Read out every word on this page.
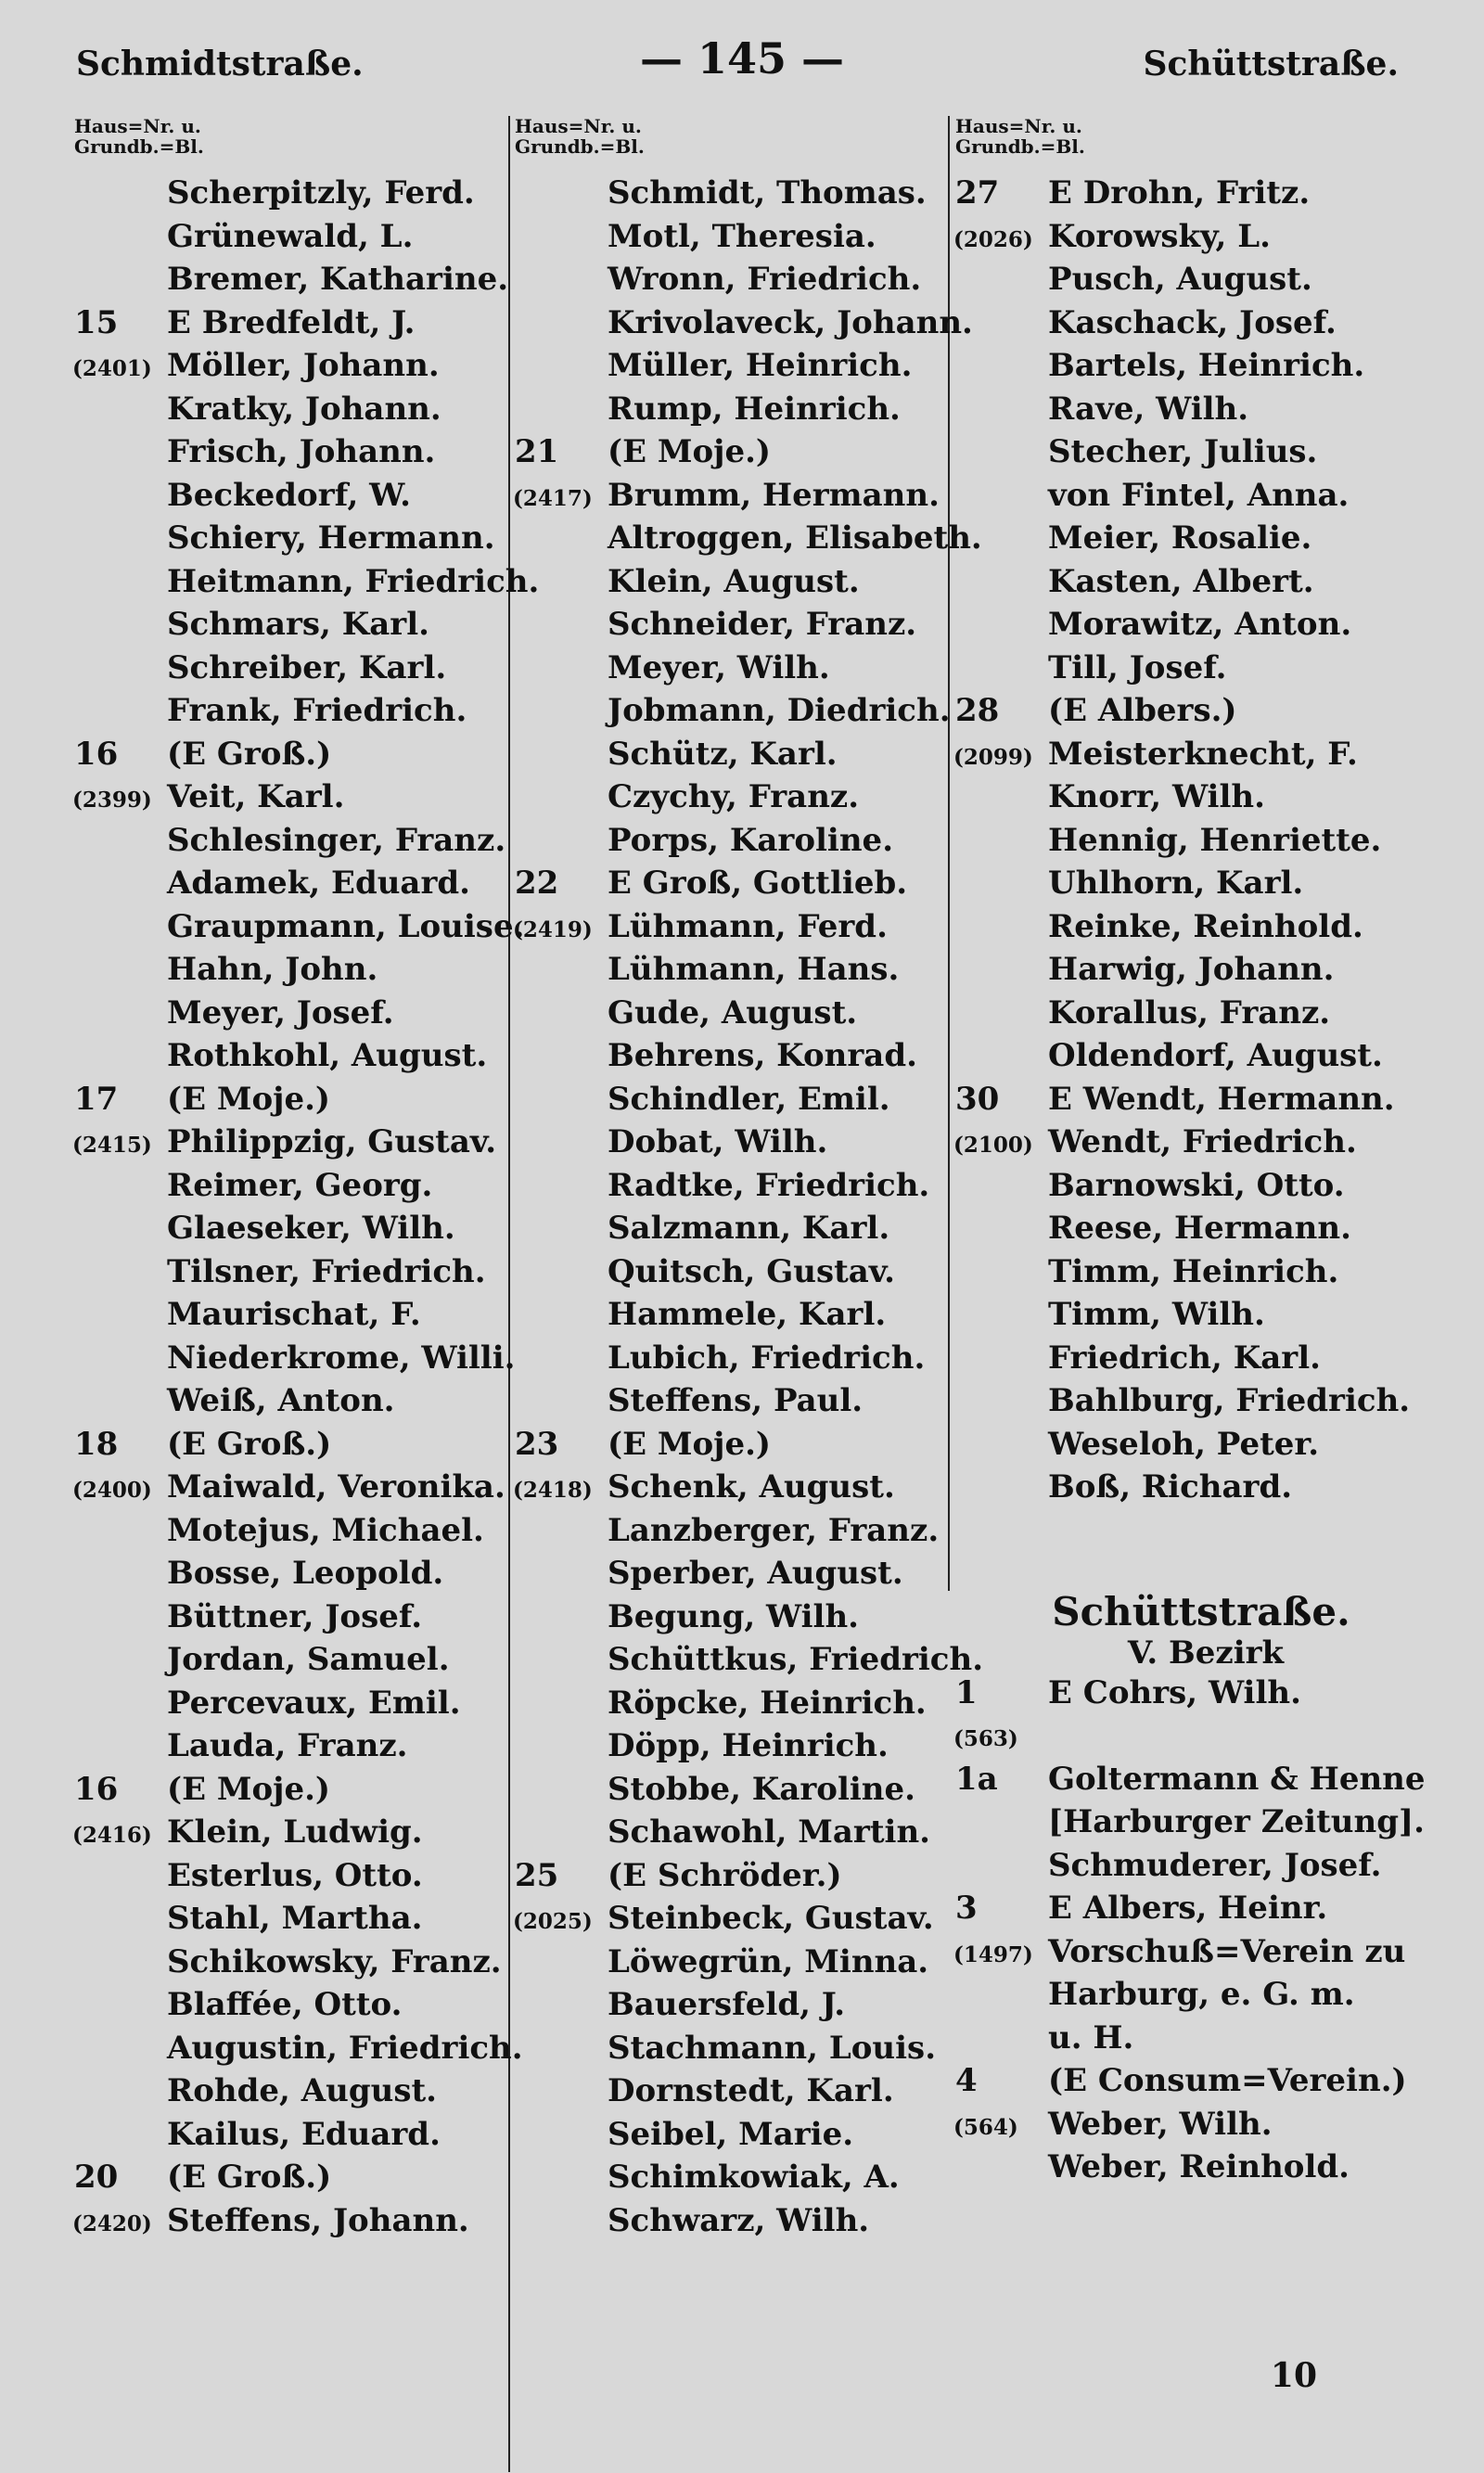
Schmidtstraße.	— 145 —	Schüttstraße.
Haus=Nr. u.
Grundb.=Bl.
Scherpitzly, Ferd.
Grünewald, L.
Bremer, Katharine.
15	E Bredfeldt, J.
(2401) Möller, Johann.
Kratky, Johann.
Frisch, Johann.
Beckedorf, W.
Schiery, Hermann.
Heitmann, Friedrich.
Schmars, Karl.
Schreiber, Karl.
Frank, Friedrich.
16	(E Groß.)
(2399) Veit, Karl.
Schlesinger, Franz.
Adamek, Eduard.
Graupmann, Louise.
Hahn, John.
Meyer, Josef.
Rothkohl, August.
17	(E Moje.)
(2415) Philippzig, Gustav.
Reimer, Georg.
Glaeseker, Wilh.
Tilsner, Friedrich.
Maurischat, F.
Niederkrome, Willi.
Weiß, Anton.
18	(E Groß.)
(2400) Maiwald, Veronika.
Motejus, Michael.
Bosse, Leopold.
Büttner, Josef.
Jordan, Samuel.
Percevaux, Emil.
Lauda, Franz.
16	(E Moje.)
(2416) Klein, Ludwig.
Esterlus, Otto.
Stahl, Martha.
Schikowsky, Franz.
Blaffée, Otto.
Augustin, Friedrich.
Rohde, August.
Kailus, Eduard.
20	(E Groß.)
(2420) Steffens, Johann.
Haus=Nr. u.
Grundb.=Bl.
Schmidt, Thomas.
Motl, Theresia.
Wronn, Friedrich.
Krivolaveck, Johann.
Müller, Heinrich.
Rump, Heinrich.
21	(E Moje.)
(2417) Brumm, Hermann.
Altroggen, Elisabeth.
Klein, August.
Schneider, Franz.
Meyer, Wilh.
Jobmann, Diedrich.
Schütz, Karl.
Czychy, Franz.
Porps, Karoline.
22	E Groß, Gottlieb.
(2419) Lühmann, Ferd.
Lühmann, Hans.
Gude, August.
Behrens, Konrad.
Schindler, Emil.
Dobat, Wilh.
Radtke, Friedrich.
Salzmann, Karl.
Quitsch, Gustav.
Hammele, Karl.
Lubich, Friedrich.
Steffens, Paul.
23	(E Moje.)
(2418) Schenk, August.
Lanzberger, Franz.
Sperber, August.
Begung, Wilh.
Schüttkus, Friedrich.
Röpcke, Heinrich.
Döpp, Heinrich.
Stobbe, Karoline.
Schawohl, Martin.
25	(E Schröder.)
(2025) Steinbeck, Gustav.
Löwegrün, Minna.
Bauersfeld, J.
Stachmann, Louis.
Dornstedt, Karl.
Seibel, Marie.
Schimkowiak, A.
Schwarz, Wilh.
Haus=Nr. u.
Grundb.=Bl.
27	E Drohn, Fritz.
(2026) Korowsky, L.
Pusch, August.
Kaschack, Josef.
Bartels, Heinrich.
Rave, Wilh.
Stecher, Julius.
von Fintel, Anna.
Meier, Rosalie.
Kasten, Albert.
Morawitz, Anton.
Till, Josef.
28	(E Albers.)
(2099) Meisterknecht, F.
Knorr, Wilh.
Hennig, Henriette.
Uhlhorn, Karl.
Reinke, Reinhold.
Harwig, Johann.
Korallus, Franz.
Oldendorf, August.
30	E Wendt, Hermann.
(2100) Wendt, Friedrich.
Barnowski, Otto.
Reese, Hermann.
Timm, Heinrich.
Timm, Wilh.
Friedrich, Karl.
Bahlburg, Friedrich.
Weseloh, Peter.
Boß, Richard.
Schüttstraße.
V. Bezirk
1	E Cohrs, Wilh.
(563)
1a	Goltermann & Henne
[Harburger Zeitung].
Schmuderer, Josef.
3	E Albers, Heinr.
(1497) Vorschuß=Verein zu
Harburg, e. G. m.
u. H.
4	(E Consum=Verein.)
(564) Weber, Wilh.
Weber, Reinhold.
10
